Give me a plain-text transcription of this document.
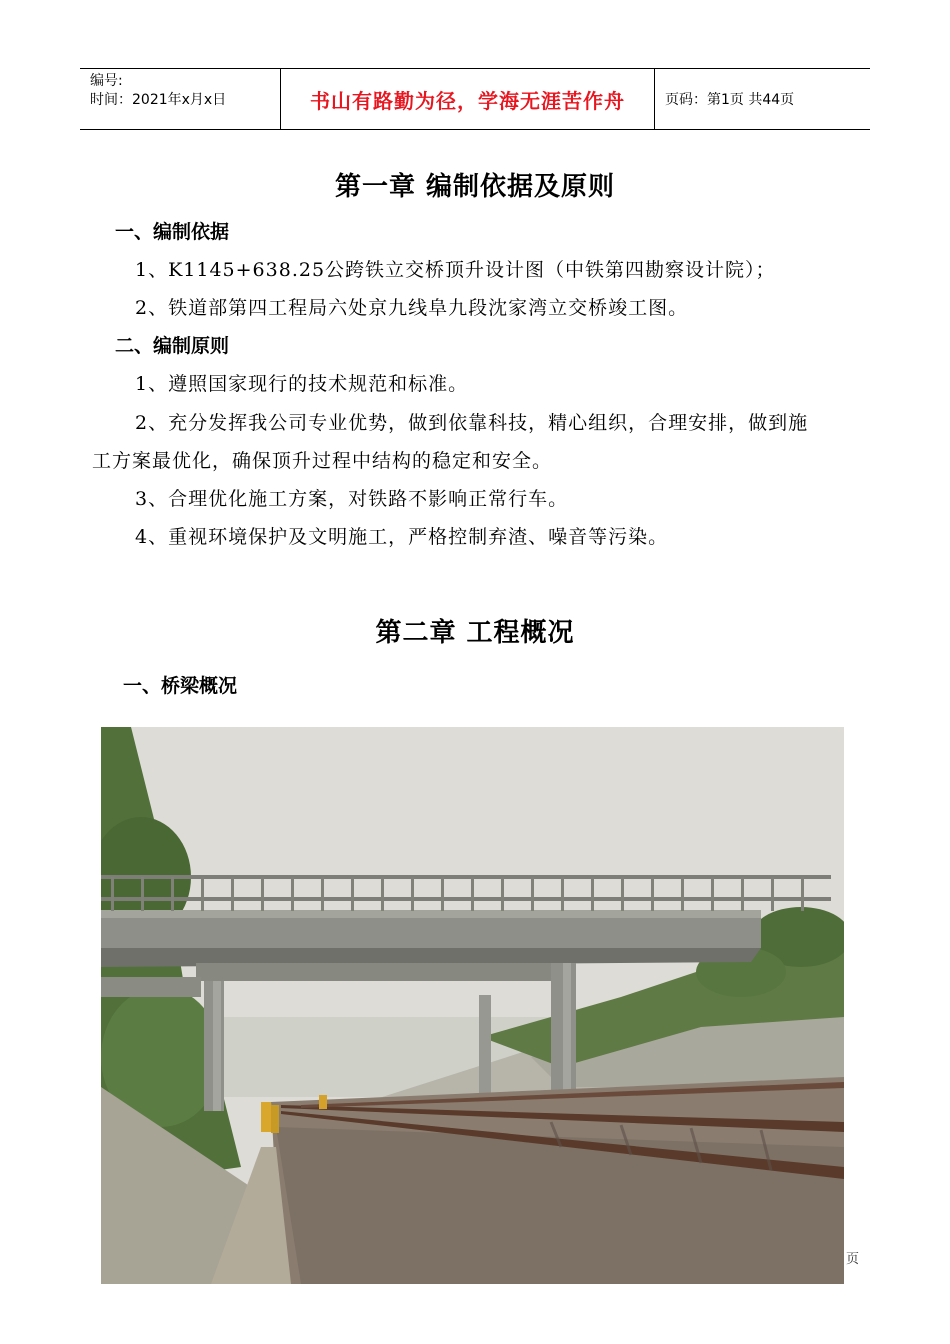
编号:
时间：2021年x月x日	书山有路勤为径，学海无涯苦作舟	页码：第1页 共44页
第一章 编制依据及原则
一、编制依据
1、K1145+638.25公跨铁立交桥顶升设计图（中铁第四勘察设计院）；
2、铁道部第四工程局六处京九线阜九段沈家湾立交桥竣工图。
二、编制原则
1、遵照国家现行的技术规范和标准。
2、充分发挥我公司专业优势，做到依靠科技，精心组织，合理安排，做到施
工方案最优化，确保顶升过程中结构的稳定和安全。
3、合理优化施工方案，对铁路不影响正常行车。
4、重视环境保护及文明施工，严格控制弃渣、噪音等污染。
第二章 工程概况
一、桥梁概况
页
